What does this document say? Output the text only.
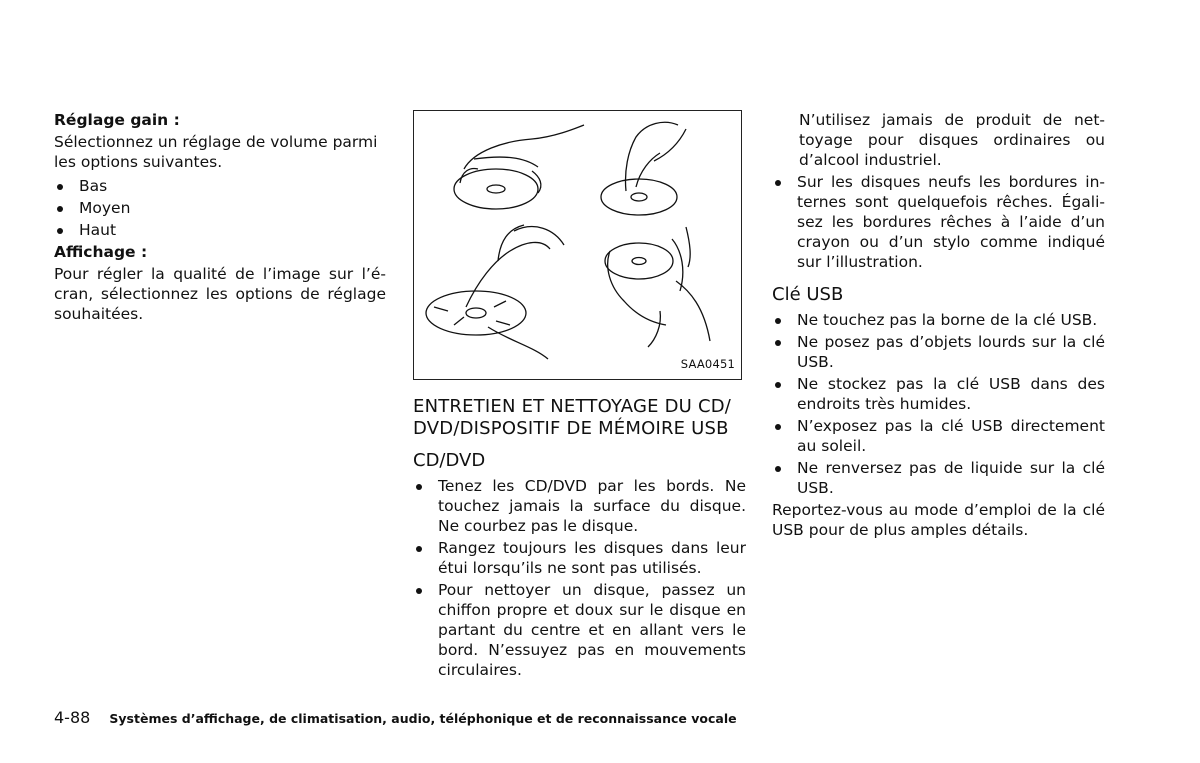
Réglage gain :

Sélectionnez un réglage de volume parmi les options suivantes.

Bas
Moyen
Haut

Affichage :

Pour régler la qualité de l’image sur l’é-cran, sélectionnez les options de réglage souhaitées.

SAA0451
ENTRETIEN ET NETTOYAGE DU CD/ DVD/DISPOSITIF DE MÉMOIRE USB
CD/DVD
Tenez les CD/DVD par les bords. Ne touchez jamais la surface du disque. Ne courbez pas le disque.
Rangez toujours les disques dans leur étui lorsqu’ils ne sont pas utilisés.
Pour nettoyer un disque, passez un chiffon propre et doux sur le disque en partant du centre et en allant vers le bord. N’essuyez pas en mouvements circulaires.

N’utilisez jamais de produit de net-toyage pour disques ordinaires ou d’alcool industriel.

Sur les disques neufs les bordures in-ternes sont quelquefois rêches. Égali-sez les bordures rêches à l’aide d’un crayon ou d’un stylo comme indiqué sur l’illustration.
Clé USB
Ne touchez pas la borne de la clé USB.
Ne posez pas d’objets lourds sur la clé USB.
Ne stockez pas la clé USB dans des endroits très humides.
N’exposez pas la clé USB directement au soleil.
Ne renversez pas de liquide sur la clé USB.

Reportez-vous au mode d’emploi de la clé USB pour de plus amples détails.

4-88 Systèmes d’affichage, de climatisation, audio, téléphonique et de reconnaissance vocale
